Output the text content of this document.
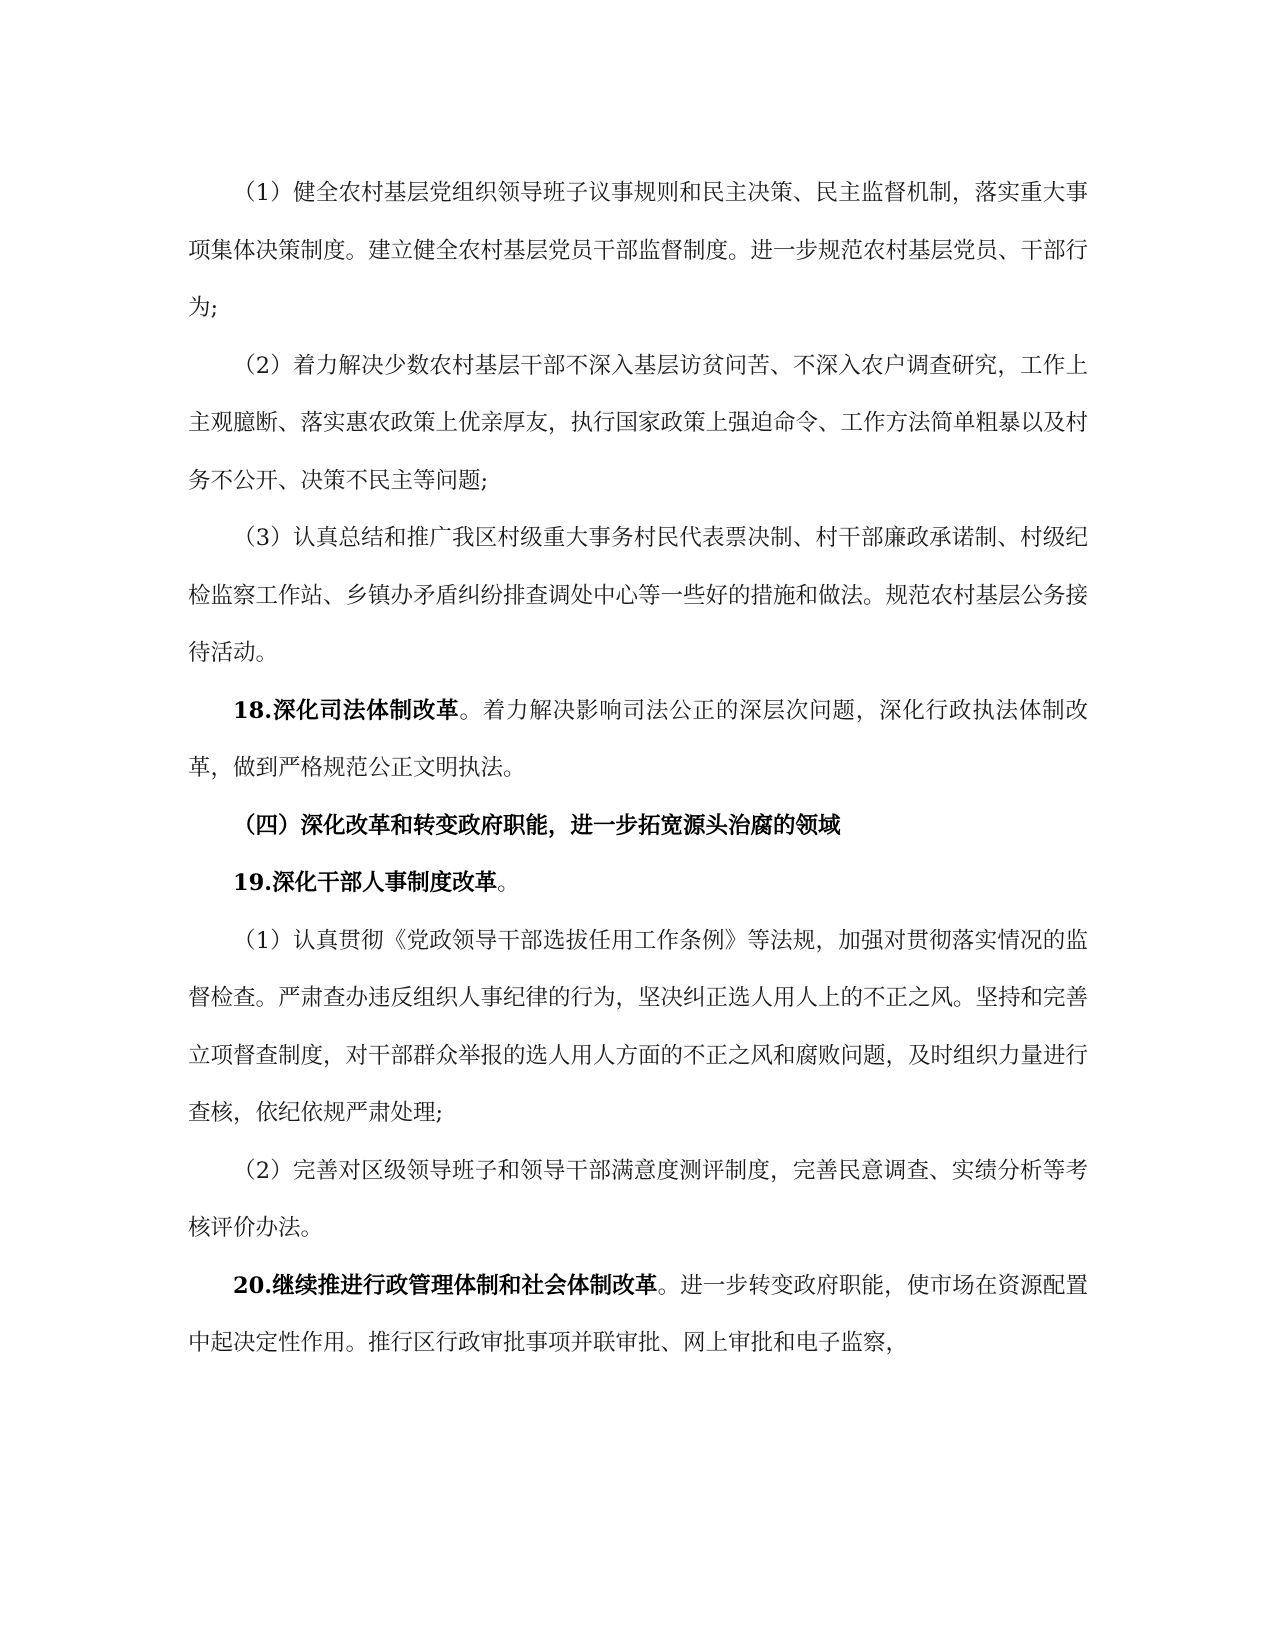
（1）健全农村基层党组织领导班子议事规则和民主决策、民主监督机制，落实重大事项集体决策制度。建立健全农村基层党员干部监督制度。进一步规范农村基层党员、干部行为;

（2）着力解决少数农村基层干部不深入基层访贫问苦、不深入农户调查研究，工作上主观臆断、落实惠农政策上优亲厚友，执行国家政策上强迫命令、工作方法简单粗暴以及村务不公开、决策不民主等问题;

（3）认真总结和推广我区村级重大事务村民代表票决制、村干部廉政承诺制、村级纪检监察工作站、乡镇办矛盾纠纷排查调处中心等一些好的措施和做法。规范农村基层公务接待活动。

18.深化司法体制改革。着力解决影响司法公正的深层次问题，深化行政执法体制改革，做到严格规范公正文明执法。

（四）深化改革和转变政府职能，进一步拓宽源头治腐的领域

19.深化干部人事制度改革。

（1）认真贯彻《党政领导干部选拔任用工作条例》等法规，加强对贯彻落实情况的监督检查。严肃查办违反组织人事纪律的行为，坚决纠正选人用人上的不正之风。坚持和完善立项督查制度，对干部群众举报的选人用人方面的不正之风和腐败问题，及时组织力量进行查核，依纪依规严肃处理;

（2）完善对区级领导班子和领导干部满意度测评制度，完善民意调查、实绩分析等考核评价办法。

20.继续推进行政管理体制和社会体制改革。进一步转变政府职能，使市场在资源配置中起决定性作用。推行区行政审批事项并联审批、网上审批和电子监察，
